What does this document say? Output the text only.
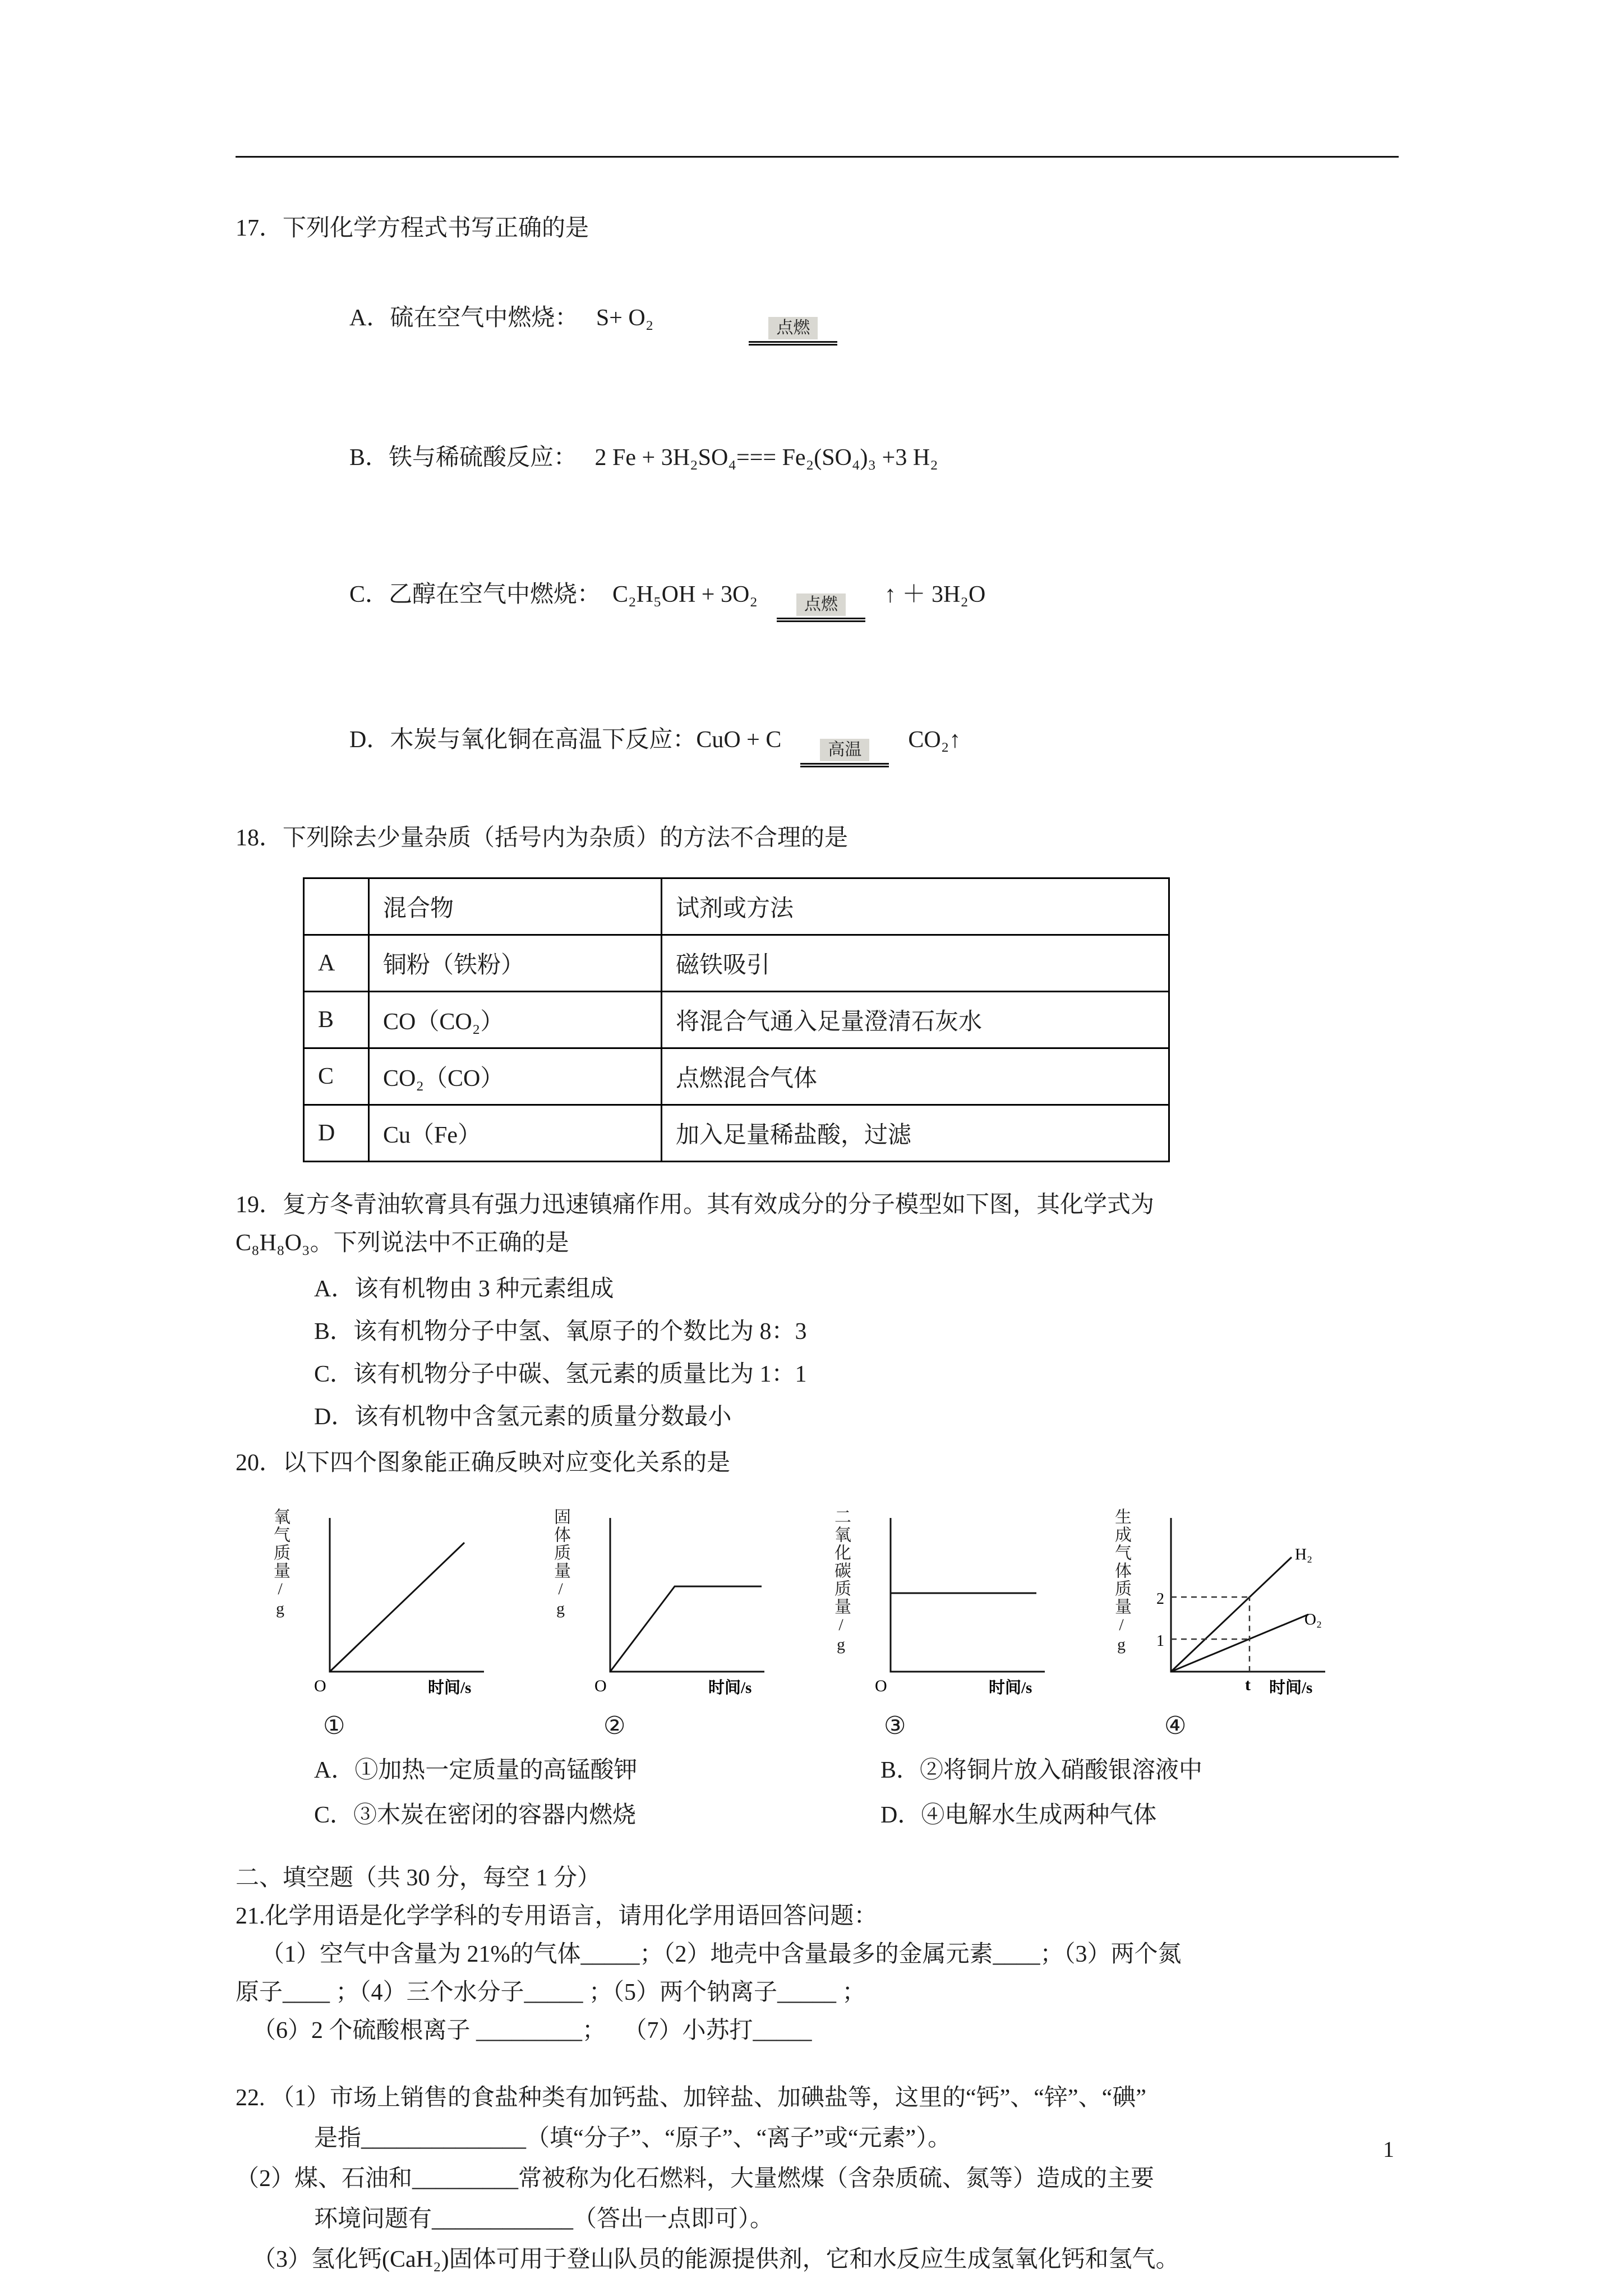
17．下列化学方程式书写正确的是

A．硫在空气中燃烧：　 S+ O₂	点燃

B．铁与稀硫酸反应：　 2 Fe + 3H₂SO₄=== Fe₂(SO₄)₃ +3 H₂

C．乙醇在空气中燃烧：　C₂H₅OH + 3O₂	点燃	↑ ＋ 3H₂O

D．木炭与氧化铜在高温下反应：CuO + C	高温	CO₂↑

18．下列除去少量杂质（括号内为杂质）的方法不合理的是
	混合物	试剂或方法
A	铜粉（铁粉）	磁铁吸引
B	CO（CO₂）	将混合气通入足量澄清石灰水
C	CO₂（CO）	点燃混合气体
D	Cu（Fe）	加入足量稀盐酸，过滤
19．复方冬青油软膏具有强力迅速镇痛作用。其有效成分的分子模型如下图，其化学式为
C₈H₈O₃。下列说法中不正确的是
A．该有机物由 3 种元素组成
B．该有机物分子中氢、氧原子的个数比为 8：3
C．该有机物分子中碳、氢元素的质量比为 1：1
D．该有机物中含氢元素的质量分数最小
20．以下四个图象能正确反映对应变化关系的是
氧气质量/g
O	时间/s
固体质量/g
O	时间/s
二氧化碳质量/g
O	时间/s
生成气体质量/g 2
1
H₂
O₂
t 时间/s
①	②	③	④
A．①加热一定质量的高锰酸钾	B．②将铜片放入硝酸银溶液中
C．③木炭在密闭的容器内燃烧	D．④电解水生成两种气体
二、填空题（共 30 分，每空 1 分）
21.化学用语是化学学科的专用语言，请用化学用语回答问题：
（1）空气中含量为 21%的气体_____；（2）地壳中含量最多的金属元素____；（3）两个氮
原子____ ；（4）三个水分子_____ ；（5）两个钠离子_____ ；
（6）2 个硫酸根离子 _________；　 （7）小苏打_____
22. （1）市场上销售的食盐种类有加钙盐、加锌盐、加碘盐等，这里的“钙”、“锌”、“碘”
是指______________（填“分子”、“原子”、“离子”或“元素”）。
（2）煤、石油和_________常被称为化石燃料，大量燃煤（含杂质硫、氮等）造成的主要
环境问题有____________（答出一点即可）。
（3）氢化钙(CaH₂)固体可用于登山队员的能源提供剂，它和水反应生成氢氧化钙和氢气。
1
